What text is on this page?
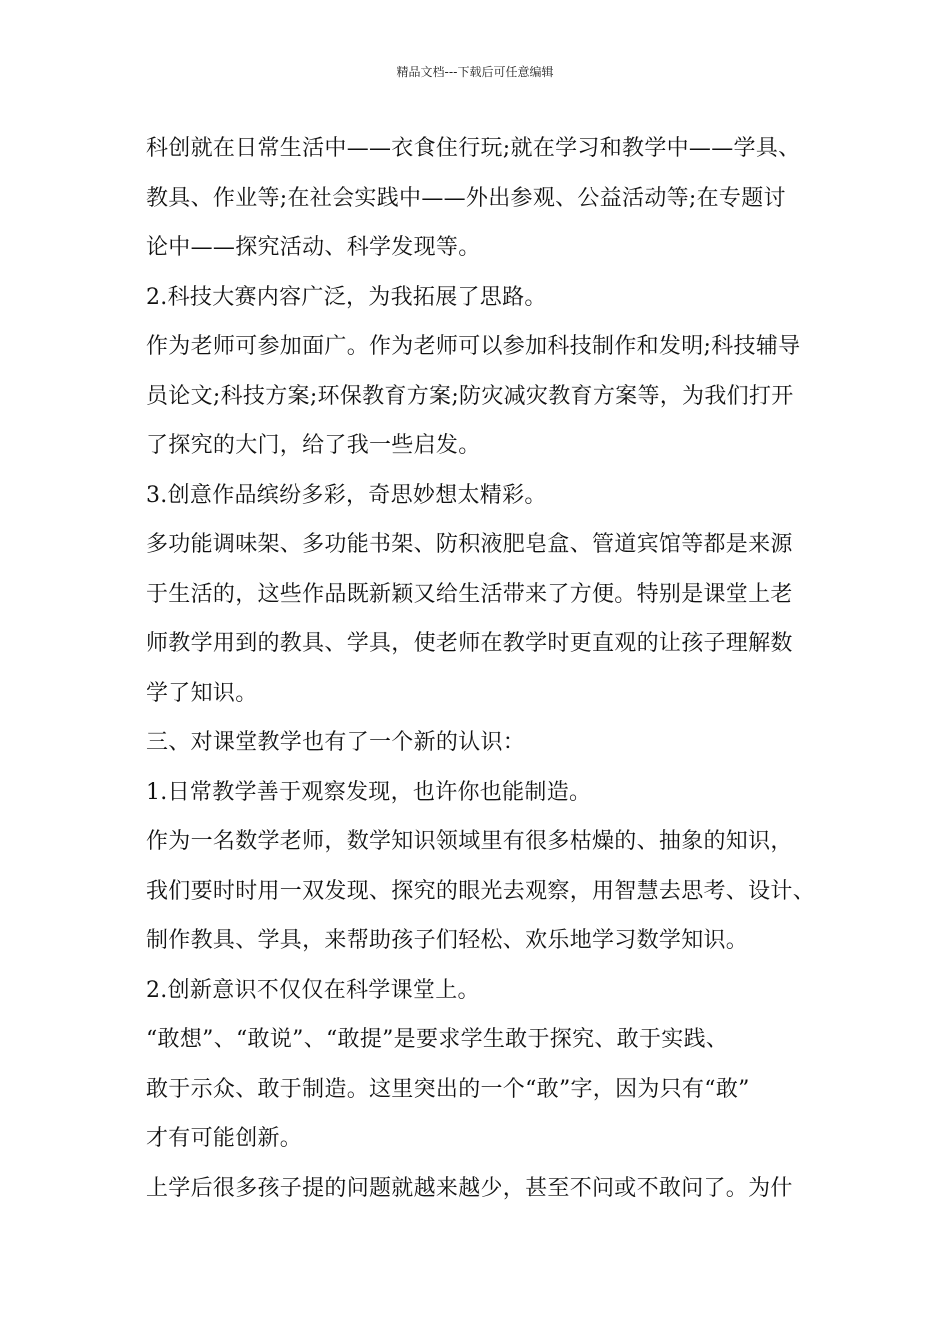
精品文档---下载后可任意编辑
科创就在日常生活中——衣食住行玩;就在学习和教学中——学具、
教具、作业等;在社会实践中——外出参观、公益活动等;在专题讨
论中——探究活动、科学发现等。
2.科技大赛内容广泛，为我拓展了思路。
作为老师可参加面广。作为老师可以参加科技制作和发明;科技辅导
员论文;科技方案;环保教育方案;防灾减灾教育方案等，为我们打开
了探究的大门，给了我一些启发。
3.创意作品缤纷多彩，奇思妙想太精彩。
多功能调味架、多功能书架、防积液肥皂盒、管道宾馆等都是来源
于生活的，这些作品既新颖又给生活带来了方便。特别是课堂上老
师教学用到的教具、学具，使老师在教学时更直观的让孩子理解数
学了知识。
三、对课堂教学也有了一个新的认识：
1.日常教学善于观察发现，也许你也能制造。
作为一名数学老师，数学知识领域里有很多枯燥的、抽象的知识，
我们要时时用一双发现、探究的眼光去观察，用智慧去思考、设计、
制作教具、学具，来帮助孩子们轻松、欢乐地学习数学知识。
2.创新意识不仅仅在科学课堂上。
“敢想”、“敢说”、“敢提”是要求学生敢于探究、敢于实践、
敢于示众、敢于制造。这里突出的一个“敢”字，因为只有“敢”
才有可能创新。
上学后很多孩子提的问题就越来越少，甚至不问或不敢问了。为什
